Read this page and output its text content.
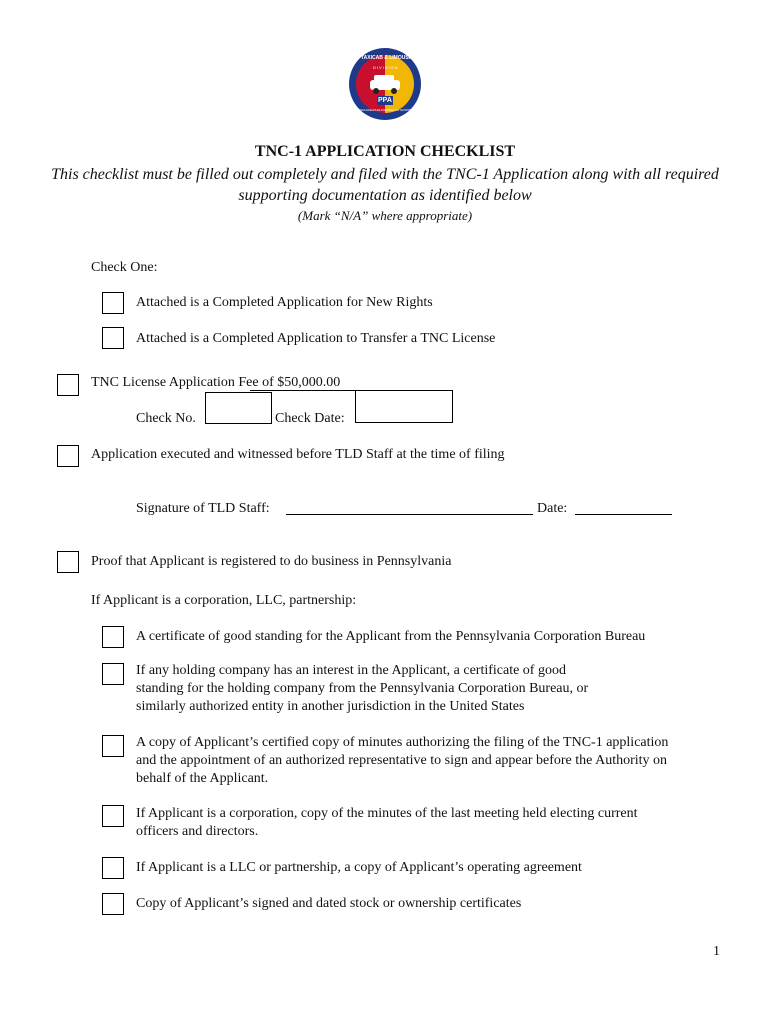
TAXICAB & LIMOUSINE
DIVISION
PPA
PHILADELPHIA PARKING AUTHORITY
TNC-1 APPLICATION CHECKLIST
This checklist must be filled out completely and filed with the TNC-1 Application along with all required supporting documentation as identified below
(Mark “N/A” where appropriate)
Check One:
Attached is a Completed Application for New Rights
Attached is a Completed Application to Transfer a TNC License
TNC License Application Fee of $50,000.00
Check No.	Check Date:
Application executed and witnessed before TLD Staff at the time of filing
Signature of TLD Staff:	Date:
Proof that Applicant is registered to do business in Pennsylvania
If Applicant is a corporation, LLC, partnership:
A certificate of good standing for the Applicant from the Pennsylvania Corporation Bureau
If any holding company has an interest in the Applicant, a certificate of good standing for the holding company from the Pennsylvania Corporation Bureau, or similarly authorized entity in another jurisdiction in the United States
A copy of Applicant’s certified copy of minutes authorizing the filing of the TNC-1 application and the appointment of an authorized representative to sign and appear before the Authority on behalf of the Applicant.
If Applicant is a corporation, copy of the minutes of the last meeting held electing current officers and directors.
If Applicant is a LLC or partnership, a copy of Applicant’s operating agreement
Copy of Applicant’s signed and dated stock or ownership certificates
1
